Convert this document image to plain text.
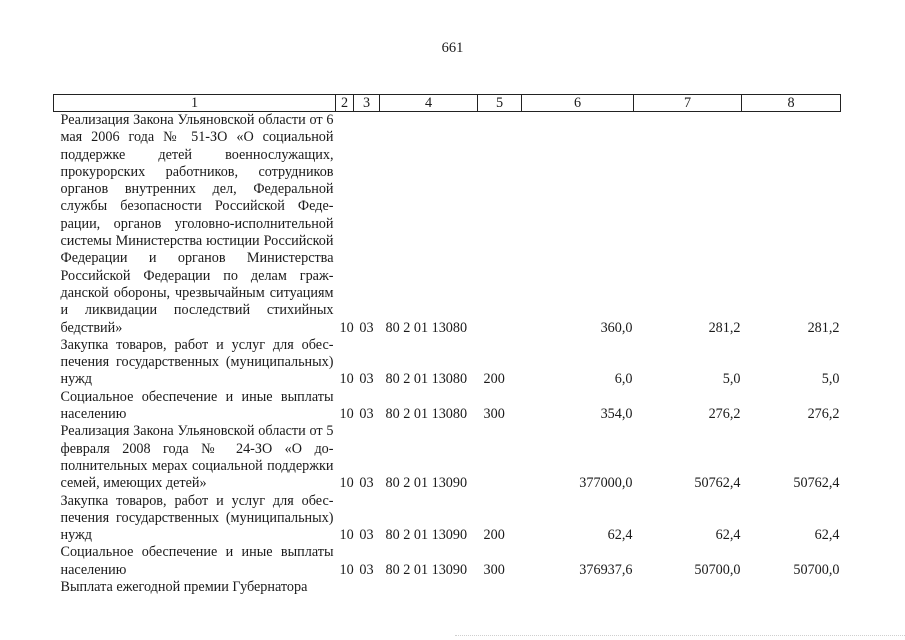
661
1	2	3	4	5	6	7	8
Реализация Закона Ульяновской области от 6 мая 2006 года № 51-ЗО «О социальной поддержке детей военнослужащих, прокурорских работников, сотрудников органов внутренних дел, Федеральной службы безопасности Российской Федeрации, органов уголовно-исполнительной системы Министерства юстиции Российской Федерации и органов Министерства Российской Федерации по делам гражданской обороны, чрезвычайным ситуациям и ликвидации последствий стихийных бедствий»	10	03	80 2 01 13080		360,0	281,2	281,2
Закупка товаров, работ и услуг для обеспечения государственных (муниципальных) нужд	10	03	80 2 01 13080	200	6,0	5,0	5,0
Социальное обеспечение и иные выплаты населению	10	03	80 2 01 13080	300	354,0	276,2	276,2
Реализация Закона Ульяновской области от 5 февраля 2008 года № 24-ЗО «О дополнительных мерах социальной поддержки семей, имеющих детей»	10	03	80 2 01 13090		377000,0	50762,4	50762,4
Закупка товаров, работ и услуг для обеспечения государственных (муниципальных) нужд	10	03	80 2 01 13090	200	62,4	62,4	62,4
Социальное обеспечение и иные выплаты населению	10	03	80 2 01 13090	300	376937,6	50700,0	50700,0
Выплата ежегодной премии Губернатора							
